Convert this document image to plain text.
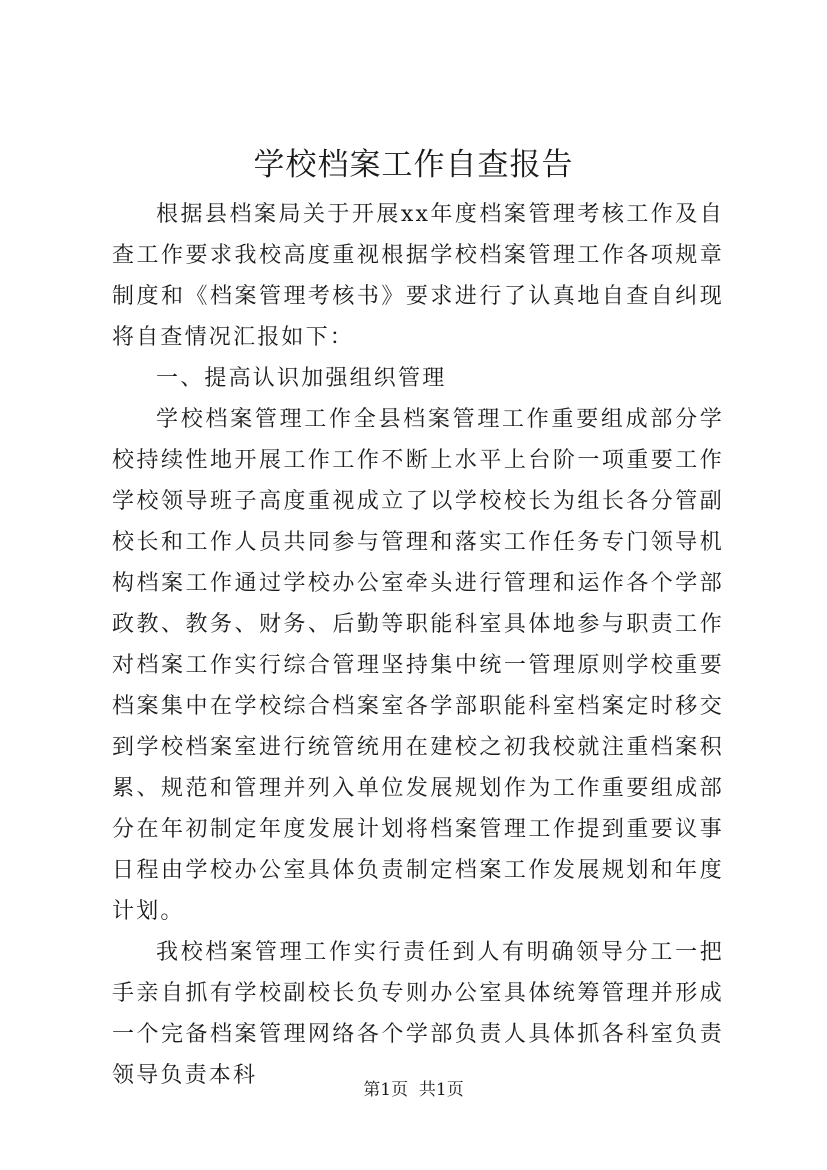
学校档案工作自查报告

根据县档案局关于开展xx年度档案管理考核工作及自查工作要求我校高度重视根据学校档案管理工作各项规章制度和《档案管理考核书》要求进行了认真地自查自纠现将自查情况汇报如下：

一、提高认识加强组织管理

学校档案管理工作全县档案管理工作重要组成部分学校持续性地开展工作工作不断上水平上台阶一项重要工作学校领导班子高度重视成立了以学校校长为组长各分管副校长和工作人员共同参与管理和落实工作任务专门领导机构档案工作通过学校办公室牵头进行管理和运作各个学部政教、教务、财务、后勤等职能科室具体地参与职责工作对档案工作实行综合管理坚持集中统一管理原则学校重要档案集中在学校综合档案室各学部职能科室档案定时移交到学校档案室进行统管统用在建校之初我校就注重档案积累、规范和管理并列入单位发展规划作为工作重要组成部分在年初制定年度发展计划将档案管理工作提到重要议事日程由学校办公室具体负责制定档案工作发展规划和年度计划。

我校档案管理工作实行责任到人有明确领导分工一把手亲自抓有学校副校长负专则办公室具体统筹管理并形成一个完备档案管理网络各个学部负责人具体抓各科室负责领导负责本科

第1页  共1页
